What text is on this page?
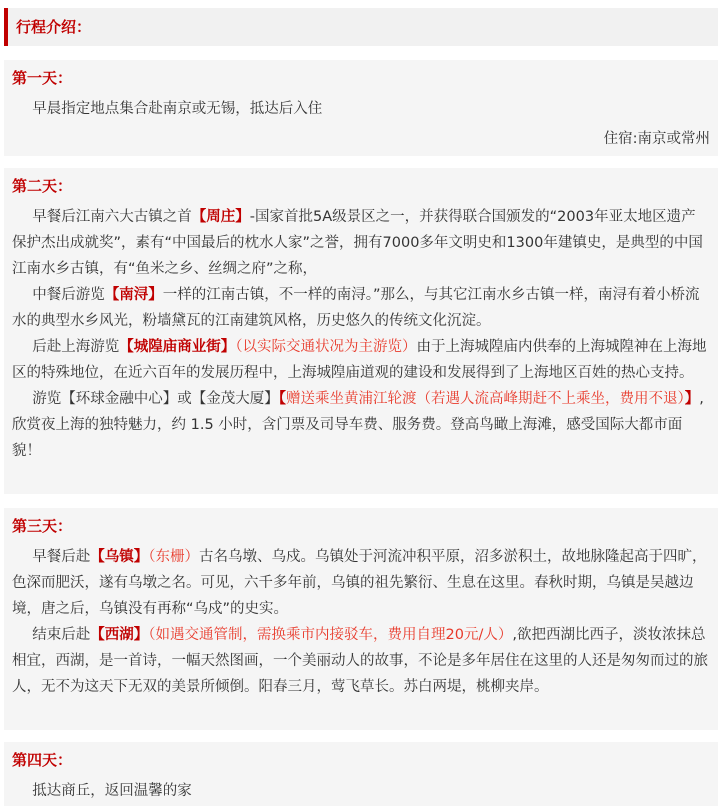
行程介绍：
第一天：

早晨指定地点集合赴南京或无锡，抵达后入住

住宿:南京或常州

第二天：

早餐后江南六大古镇之首【周庄】-国家首批5A级景区之一，并获得联合国颁发的“2003年亚太地区遗产保护杰出成就奖”，素有“中国最后的枕水人家”之誉，拥有7000多年文明史和1300年建镇史，是典型的中国江南水乡古镇，有“鱼米之乡、丝绸之府”之称，

中餐后游览【南浔】一样的江南古镇，不一样的南浔。”那么，与其它江南水乡古镇一样，南浔有着小桥流水的典型水乡风光，粉墙黛瓦的江南建筑风格，历史悠久的传统文化沉淀。

后赴上海游览【城隍庙商业街】（以实际交通状况为主游览）由于上海城隍庙内供奉的上海城隍神在上海地区的特殊地位，在近六百年的发展历程中，上海城隍庙道观的建设和发展得到了上海地区百姓的热心支持。

游览【环球金融中心】或【金茂大厦】【赠送乘坐黄浦江轮渡（若遇人流高峰期赶不上乘坐，费用不退）】,欣赏夜上海的独特魅力，约 1.5 小时，含门票及司导车费、服务费。登高鸟瞰上海滩，感受国际大都市面貌！

第三天：

早餐后赴【乌镇】（东栅）古名乌墩、乌戍。乌镇处于河流冲积平原，沼多淤积土，故地脉隆起高于四旷，色深而肥沃，遂有乌墩之名。可见，六千多年前，乌镇的祖先繁衍、生息在这里。春秋时期，乌镇是吴越边境，唐之后，乌镇没有再称“乌戍”的史实。

结束后赴【西湖】（如遇交通管制，需换乘市内接驳车，费用自理20元/人）,欲把西湖比西子，淡妆浓抹总相宜，西湖，是一首诗，一幅天然图画，一个美丽动人的故事，不论是多年居住在这里的人还是匆匆而过的旅人，无不为这天下无双的美景所倾倒。阳春三月，莺飞草长。苏白两堤，桃柳夹岸。

第四天：

抵达商丘，返回温馨的家
